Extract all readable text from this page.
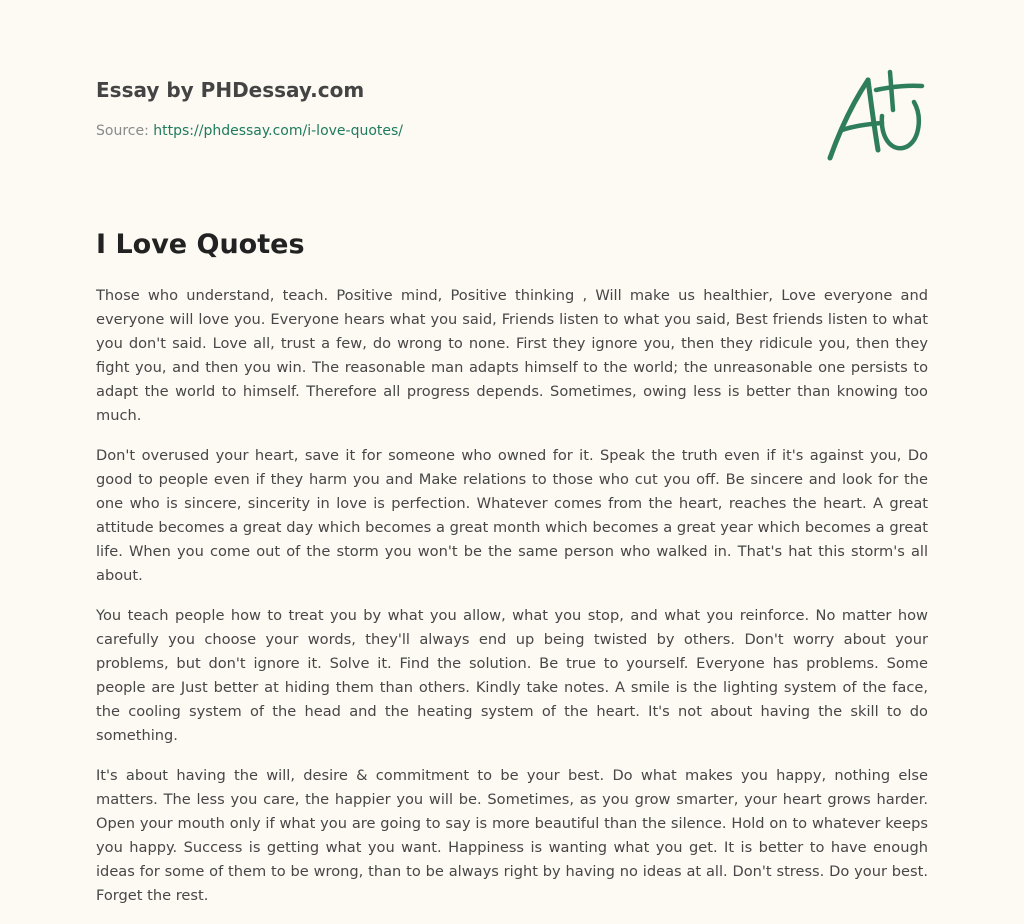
Essay by PHDessay.com
Source: https://phdessay.com/i-love-quotes/
I Love Quotes

Those who understand, teach. Positive mind, Positive thinking , Will make us healthier, Love everyone and everyone will love you. Everyone hears what you said, Friends listen to what you said, Best friends listen to what you don't said. Love all, trust a few, do wrong to none. First they ignore you, then they ridicule you, then they fight you, and then you win. The reasonable man adapts himself to the world; the unreasonable one persists to adapt the world to himself. Therefore all progress depends. Sometimes, owing less is better than knowing too much.

Don't overused your heart, save it for someone who owned for it. Speak the truth even if it's against you, Do good to people even if they harm you and Make relations to those who cut you off. Be sincere and look for the one who is sincere, sincerity in love is perfection. Whatever comes from the heart, reaches the heart. A great attitude becomes a great day which becomes a great month which becomes a great year which becomes a great life. When you come out of the storm you won't be the same person who walked in. That's hat this storm's all about.

You teach people how to treat you by what you allow, what you stop, and what you reinforce. No matter how carefully you choose your words, they'll always end up being twisted by others. Don't worry about your problems, but don't ignore it. Solve it. Find the solution. Be true to yourself. Everyone has problems. Some people are Just better at hiding them than others. Kindly take notes. A smile is the lighting system of the face, the cooling system of the head and the heating system of the heart. It's not about having the skill to do something.

It's about having the will, desire & commitment to be your best. Do what makes you happy, nothing else matters. The less you care, the happier you will be. Sometimes, as you grow smarter, your heart grows harder. Open your mouth only if what you are going to say is more beautiful than the silence. Hold on to whatever keeps you happy. Success is getting what you want. Happiness is wanting what you get. It is better to have enough ideas for some of them to be wrong, than to be always right by having no ideas at all. Don't stress. Do your best. Forget the rest.
